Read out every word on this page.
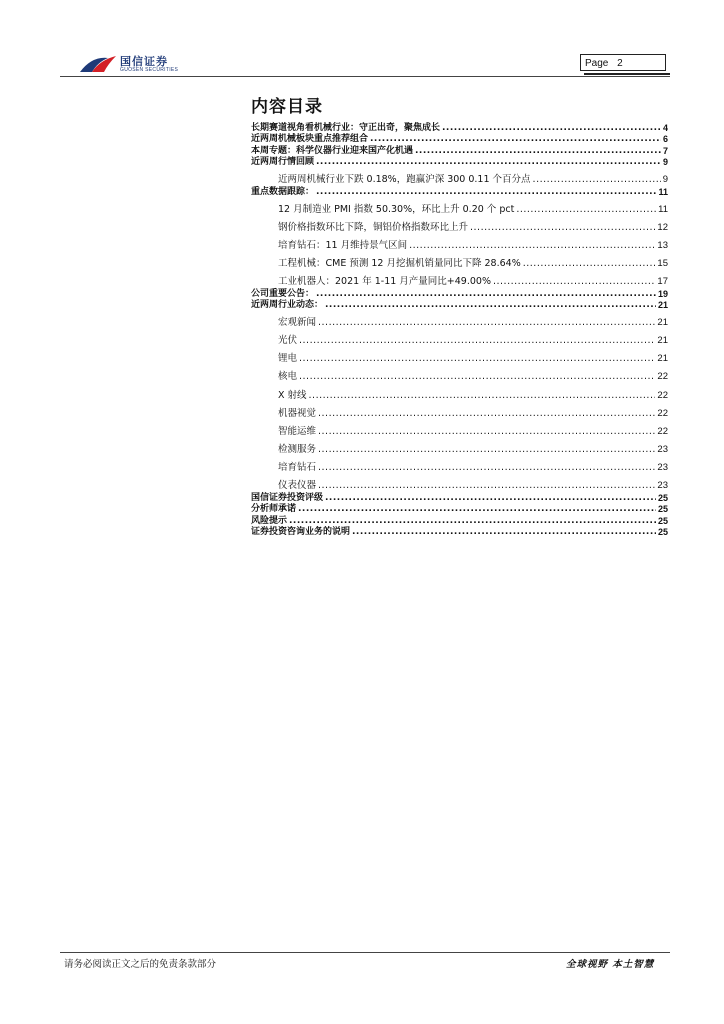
国信证券
GUOSEN SECURITIES
Page 2
内容目录
长期赛道视角看机械行业：守正出奇，聚焦成长 .....	4
近两周机械板块重点推荐组合 .....	6
本周专题：科学仪器行业迎来国产化机遇 .....	7
近两周行情回顾 .....	9
近两周机械行业下跌 0.18%，跑赢沪深 300 0.11 个百分点 .....	9
重点数据跟踪： .....	11
12 月制造业 PMI 指数 50.30%，环比上升 0.20 个 pct .....	11
钢价格指数环比下降，铜铝价格指数环比上升 .....	12
培育钻石：11 月维持景气区间 .....	13
工程机械：CME 预测 12 月挖掘机销量同比下降 28.64% .....	15
工业机器人：2021 年 1-11 月产量同比+49.00% .....	17
公司重要公告： .....	19
近两周行业动态： .....	21
宏观新闻 .....	21
光伏 .....	21
锂电 .....	21
核电 .....	22
X 射线 .....	22
机器视觉 .....	22
智能运维 .....	22
检测服务 .....	23
培育钻石 .....	23
仪表仪器 .....	23
国信证券投资评级 .....	25
分析师承诺 .....	25
风险提示 .....	25
证券投资咨询业务的说明 .....	25
请务必阅读正文之后的免责条款部分	全球视野 本土智慧
